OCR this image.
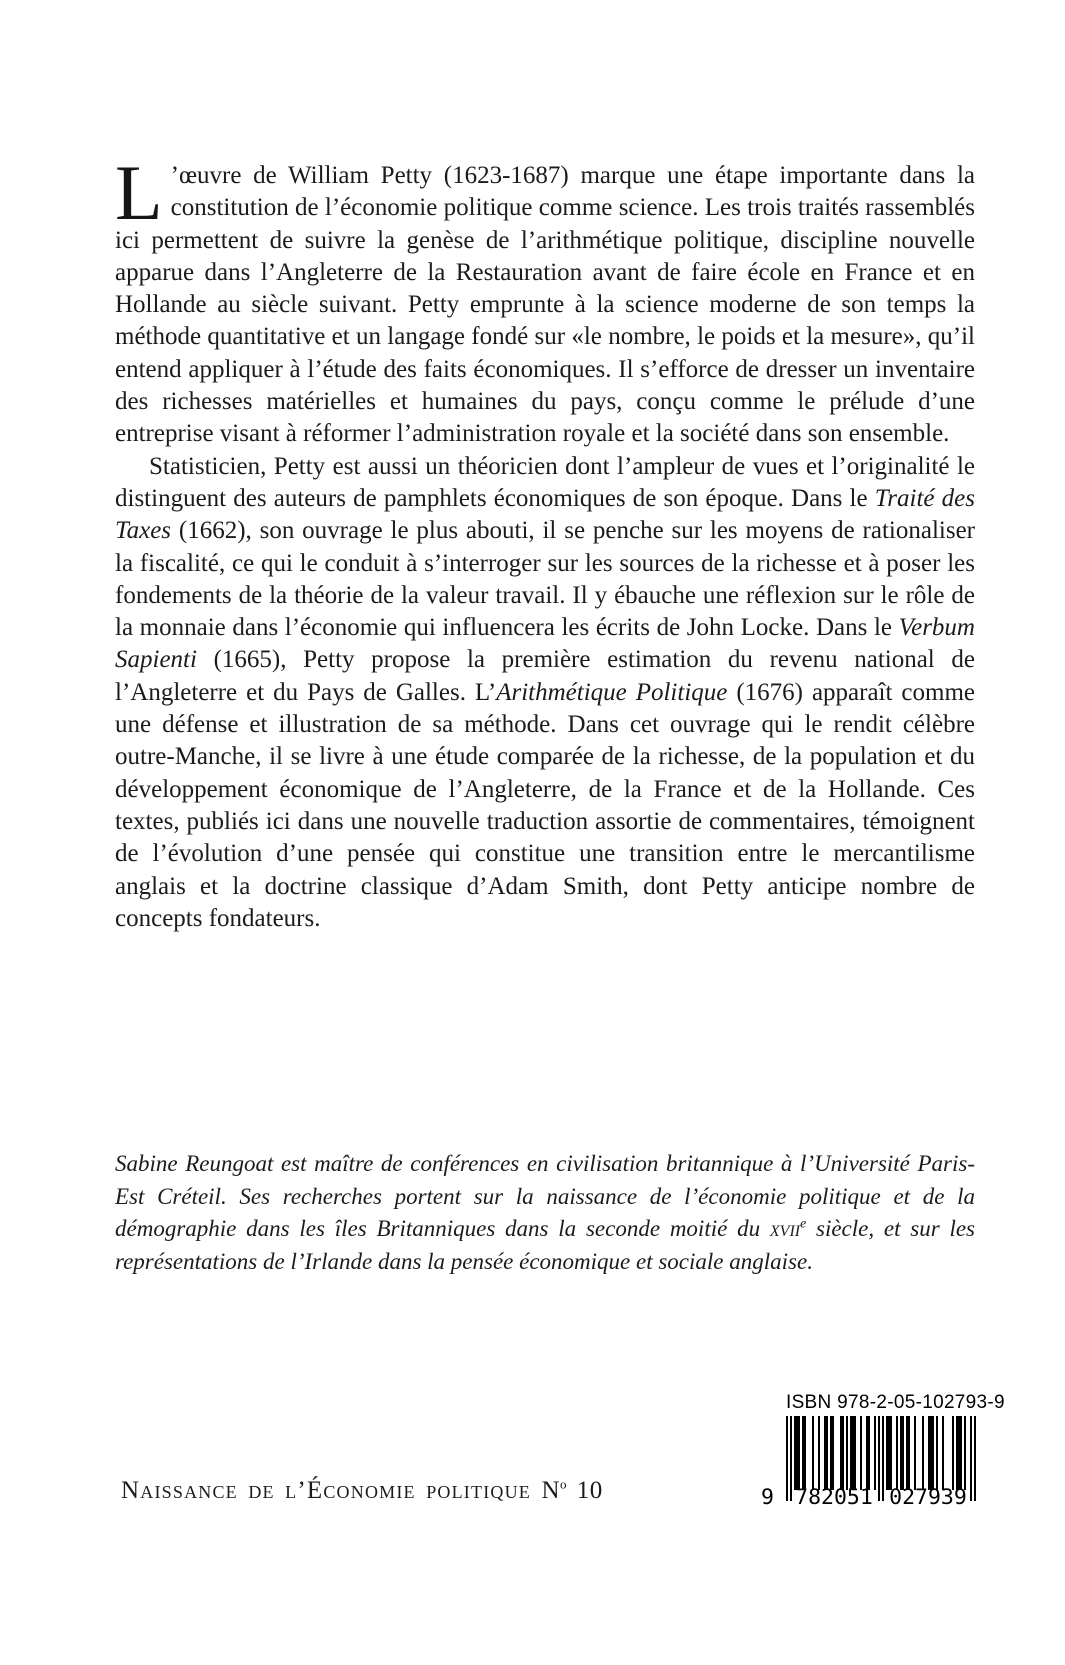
L ’œuvre de William Petty (1623-1687) marque une étape importante dans la constitution de l’économie politique comme science. Les trois traités rassemblés ici permettent de suivre la genèse de l’arithmétique politique, discipline nouvelle apparue dans l’Angleterre de la Restauration avant de faire école en France et en Hollande au siècle suivant. Petty emprunte à la science moderne de son temps la méthode quantitative et un langage fondé sur «le nombre, le poids et la mesure», qu’il entend appliquer à l’étude des faits économiques. Il s’efforce de dresser un inventaire des richesses matérielles et humaines du pays, conçu comme le prélude d’une entreprise visant à réformer l’administration royale et la société dans son ensemble.

Statisticien, Petty est aussi un théoricien dont l’ampleur de vues et l’originalité le distinguent des auteurs de pamphlets économiques de son époque. Dans le Traité des Taxes (1662), son ouvrage le plus abouti, il se penche sur les moyens de rationaliser la fiscalité, ce qui le conduit à s’interroger sur les sources de la richesse et à poser les fondements de la théorie de la valeur travail. Il y ébauche une réflexion sur le rôle de la monnaie dans l’économie qui influencera les écrits de John Locke. Dans le Verbum Sapienti (1665), Petty propose la première estimation du revenu national de l’Angleterre et du Pays de Galles. L’Arithmétique Politique (1676) apparaît comme une défense et illustration de sa méthode. Dans cet ouvrage qui le rendit célèbre outre-Manche, il se livre à une étude comparée de la richesse, de la population et du développement économique de l’Angleterre, de la France et de la Hollande. Ces textes, publiés ici dans une nouvelle traduction assortie de commentaires, témoignent de l’évolution d’une pensée qui constitue une transition entre le mercantilisme anglais et la doctrine classique d’Adam Smith, dont Petty anticipe nombre de concepts fondateurs.

Sabine Reungoat est maître de conférences en civilisation britannique à l’Université Paris-Est Créteil. Ses recherches portent sur la naissance de l’économie politique et de la démographie dans les îles Britanniques dans la seconde moitié du xvii$^e$ siècle, et sur les représentations de l’Irlande dans la pensée économique et sociale anglaise.

Naissance de l’Économie politique $N^o$ 10
ISBN 978-2-05-102793-9
9 782051 027939
